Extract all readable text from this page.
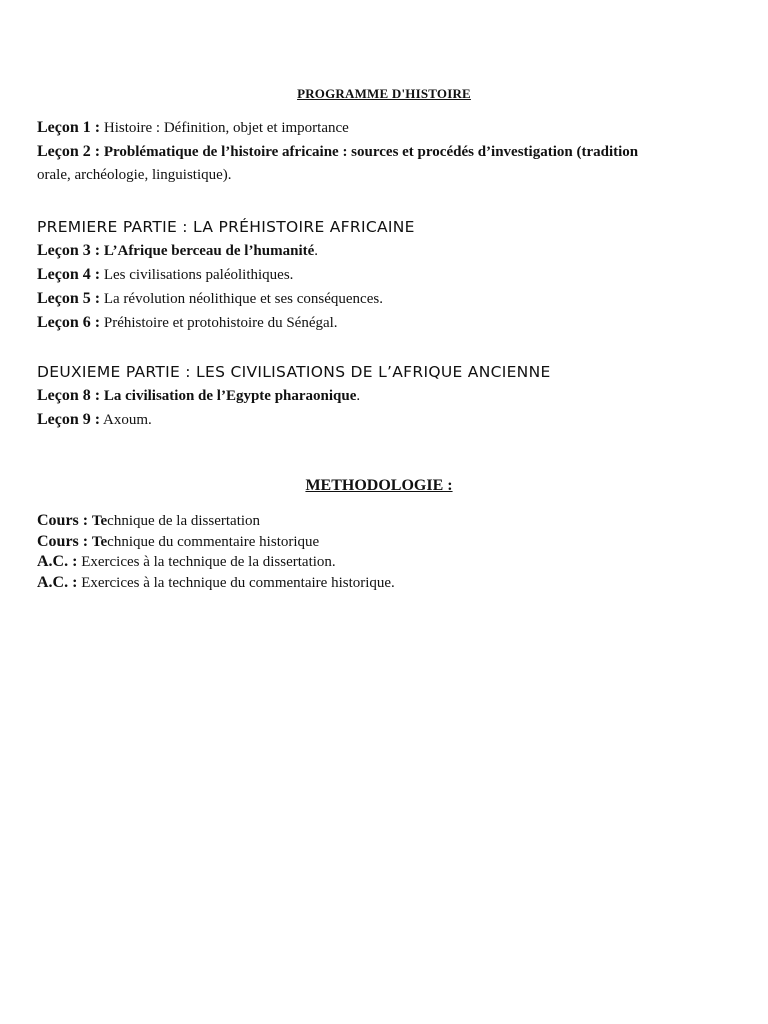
PROGRAMME D'HISTOIRE
Leçon 1 : Histoire : Définition, objet et importance
Leçon 2 : Problématique de l’histoire africaine : sources et procédés d’investigation (tradition
orale, archéologie, linguistique).
PREMIERE PARTIE : LA PRÉHISTOIRE AFRICAINE
Leçon 3 : L’Afrique berceau de l’humanité.
Leçon 4 : Les civilisations paléolithiques.
Leçon 5 : La révolution néolithique et ses conséquences.
Leçon 6 : Préhistoire et protohistoire du Sénégal.
DEUXIEME PARTIE : LES CIVILISATIONS DE L’AFRIQUE ANCIENNE
Leçon 8 : La civilisation de l’Egypte pharaonique.
Leçon 9 : Axoum.
METHODOLOGIE :
Cours : Technique de la dissertation
Cours : Technique du commentaire historique
A.C. : Exercices à la technique de la dissertation.
A.C. : Exercices à la technique du commentaire historique.
